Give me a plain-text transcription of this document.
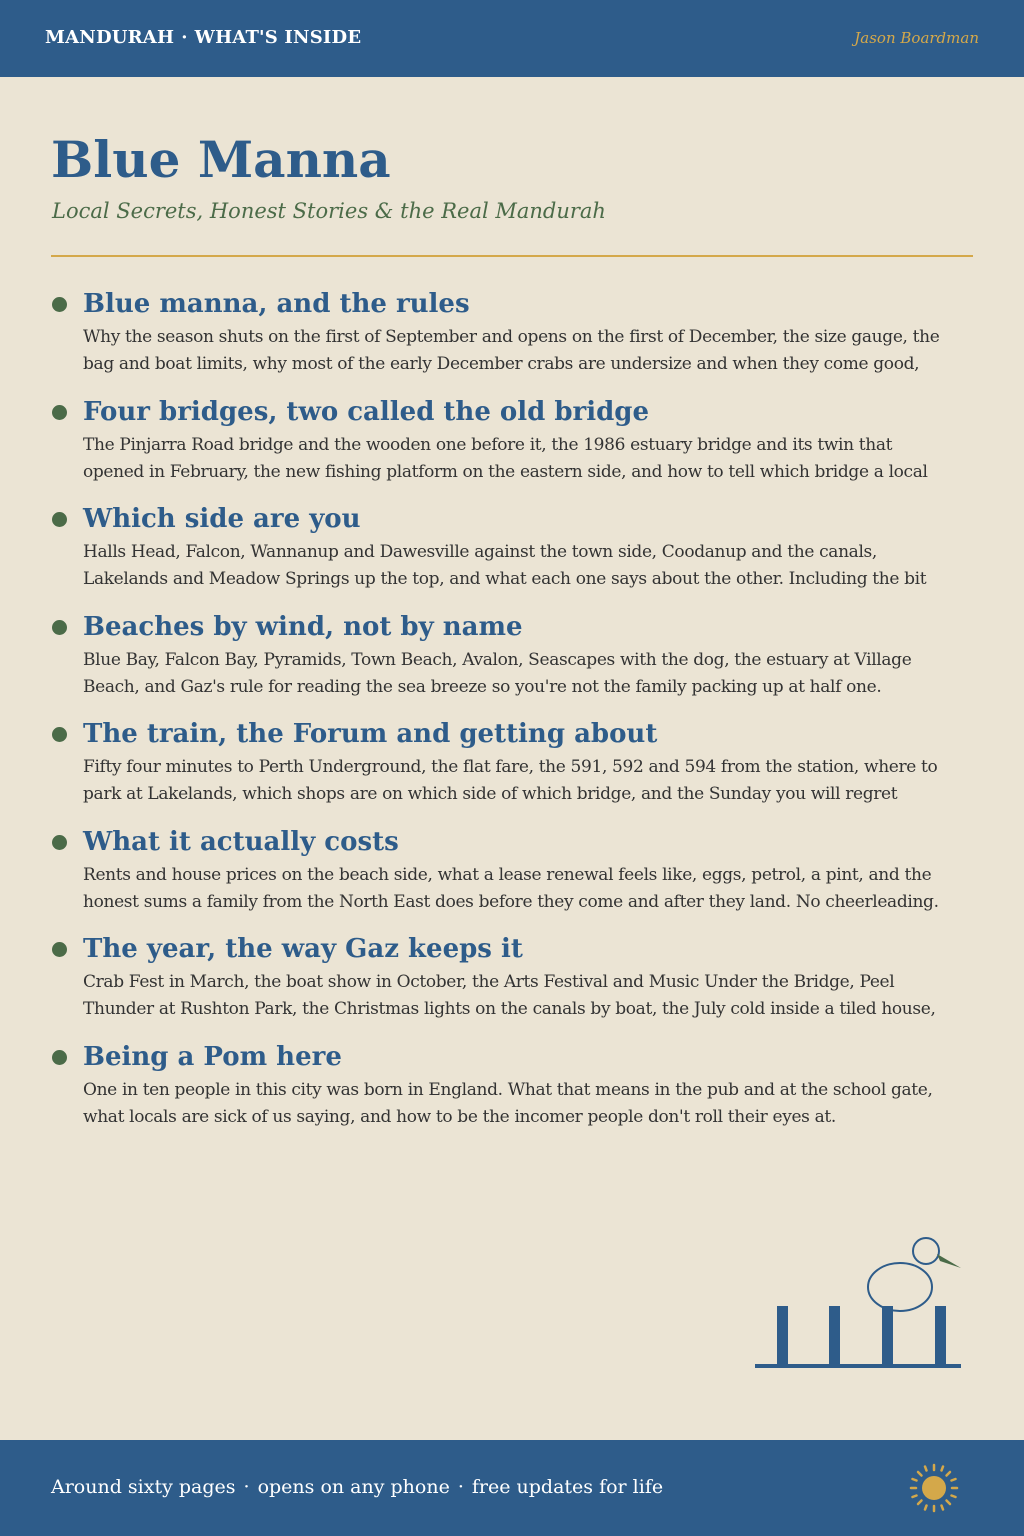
MANDURAH · WHAT'S INSIDE	Jason Boardman
Blue Manna
Local Secrets, Honest Stories & the Real Mandurah
Blue manna, and the rules
Why the season shuts on the first of September and opens on the first of December, the size gauge, the
bag and boat limits, why most of the early December crabs are undersize and when they come good,
Four bridges, two called the old bridge
The Pinjarra Road bridge and the wooden one before it, the 1986 estuary bridge and its twin that
opened in February, the new fishing platform on the eastern side, and how to tell which bridge a local
Which side are you
Halls Head, Falcon, Wannanup and Dawesville against the town side, Coodanup and the canals,
Lakelands and Meadow Springs up the top, and what each one says about the other. Including the bit
Beaches by wind, not by name
Blue Bay, Falcon Bay, Pyramids, Town Beach, Avalon, Seascapes with the dog, the estuary at Village
Beach, and Gaz's rule for reading the sea breeze so you're not the family packing up at half one.
The train, the Forum and getting about
Fifty four minutes to Perth Underground, the flat fare, the 591, 592 and 594 from the station, where to
park at Lakelands, which shops are on which side of which bridge, and the Sunday you will regret
What it actually costs
Rents and house prices on the beach side, what a lease renewal feels like, eggs, petrol, a pint, and the
honest sums a family from the North East does before they come and after they land. No cheerleading.
The year, the way Gaz keeps it
Crab Fest in March, the boat show in October, the Arts Festival and Music Under the Bridge, Peel
Thunder at Rushton Park, the Christmas lights on the canals by boat, the July cold inside a tiled house,
Being a Pom here
One in ten people in this city was born in England. What that means in the pub and at the school gate,
what locals are sick of us saying, and how to be the incomer people don't roll their eyes at.
Around sixty pages · opens on any phone · free updates for life
